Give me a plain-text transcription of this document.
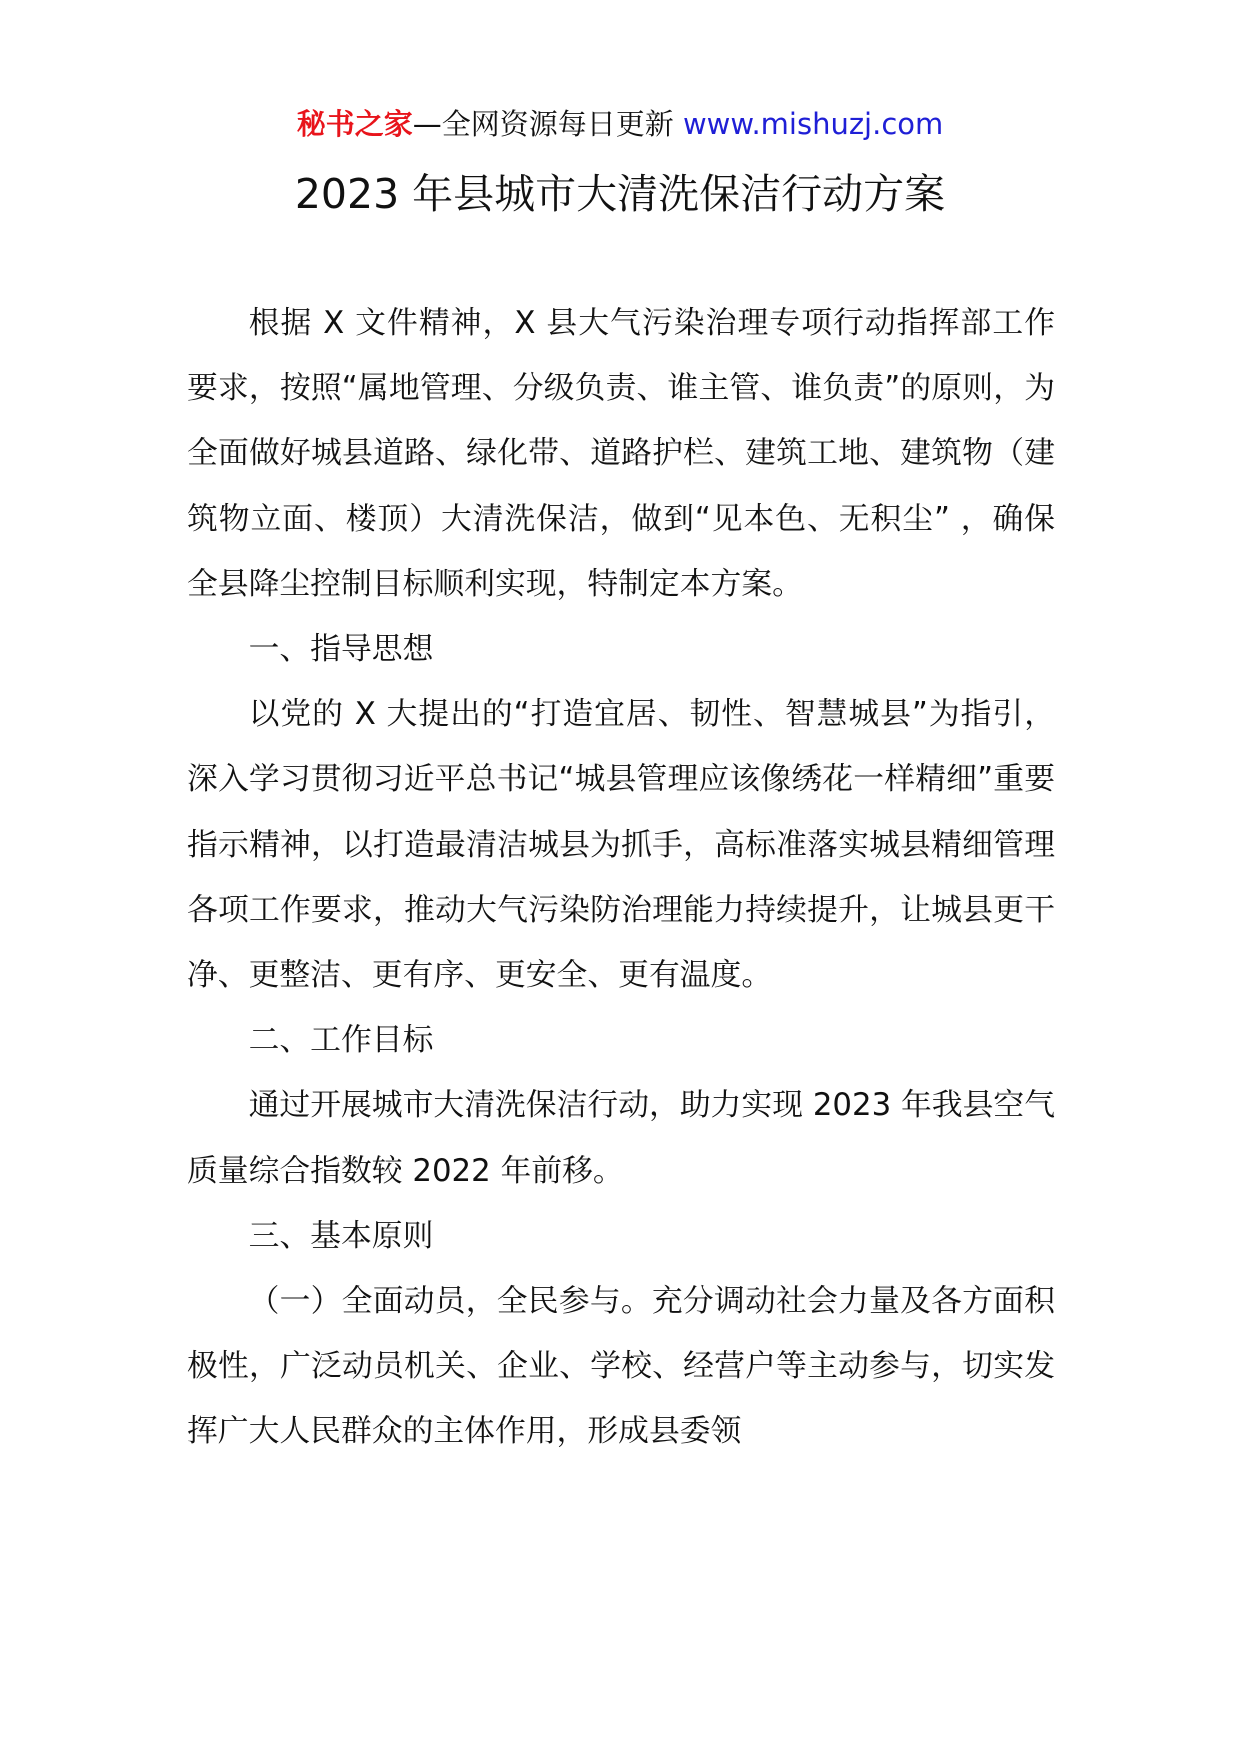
秘书之家—全网资源每日更新 www.mishuzj.com
2023 年县城市大清洗保洁行动方案

根据 X 文件精神，X 县大气污染治理专项行动指挥部工作要求，按照“属地管理、分级负责、谁主管、谁负责”的原则，为全面做好城县道路、绿化带、道路护栏、建筑工地、建筑物（建筑物立面、楼顶）大清洗保洁，做到“见本色、无积尘” ，确保全县降尘控制目标顺利实现，特制定本方案。

一、指导思想

以党的 X 大提出的“打造宜居、韧性、智慧城县”为指引，深入学习贯彻习近平总书记“城县管理应该像绣花一样精细”重要指示精神，以打造最清洁城县为抓手，高标准落实城县精细管理各项工作要求，推动大气污染防治理能力持续提升，让城县更干净、更整洁、更有序、更安全、更有温度。

二、工作目标

通过开展城市大清洗保洁行动，助力实现 2023 年我县空气质量综合指数较 2022 年前移。

三、基本原则

（一）全面动员，全民参与。充分调动社会力量及各方面积极性，广泛动员机关、企业、学校、经营户等主动参与，切实发挥广大人民群众的主体作用，形成县委领
